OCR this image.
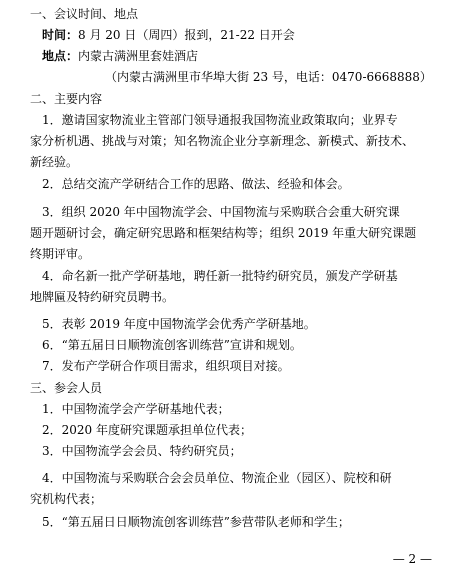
一、会议时间、地点
时间：8 月 20 日（周四）报到，21-22 日开会
地点：内蒙古满洲里套娃酒店
（内蒙古满洲里市华埠大街 23 号，电话：0470-6668888）
二、主要内容
1．邀请国家物流业主管部门领导通报我国物流业政策取向；业界专
家分析机遇、挑战与对策；知名物流企业分享新理念、新模式、新技术、
新经验。
2．总结交流产学研结合工作的思路、做法、经验和体会。
3．组织 2020 年中国物流学会、中国物流与采购联合会重大研究课
题开题研讨会，确定研究思路和框架结构等；组织 2019 年重大研究课题
终期评审。
4．命名新一批产学研基地，聘任新一批特约研究员，颁发产学研基
地牌匾及特约研究员聘书。
5．表彰 2019 年度中国物流学会优秀产学研基地。
6．“第五届日日顺物流创客训练营”宣讲和规划。
7．发布产学研合作项目需求，组织项目对接。
三、参会人员
1．中国物流学会产学研基地代表；
2．2020 年度研究课题承担单位代表；
3．中国物流学会会员、特约研究员；
4．中国物流与采购联合会会员单位、物流企业（园区）、院校和研
究机构代表；
5．“第五届日日顺物流创客训练营”参营带队老师和学生；
— 2 —
